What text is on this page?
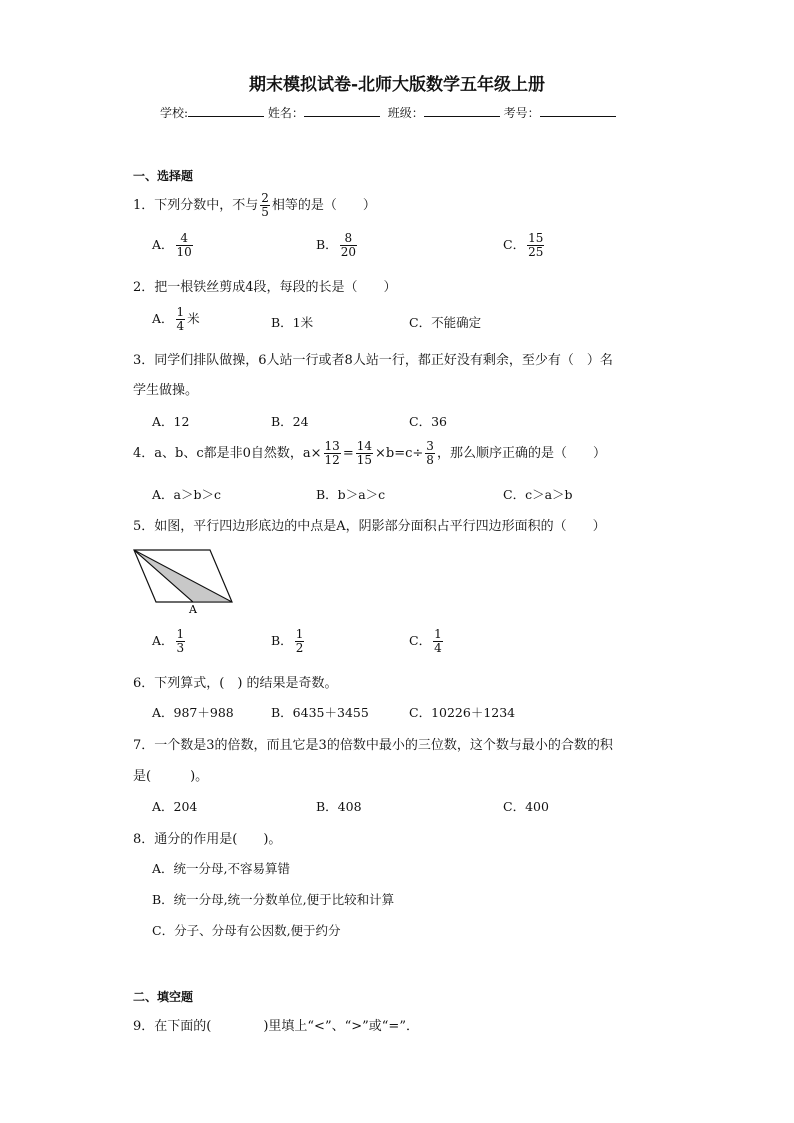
期末模拟试卷-北师大版数学五年级上册
学校:	姓名：	班级：	考号：
一、选择题
1．下列分数中，不与 $\frac{2}{5}$ 相等的是（　　）
A． $\frac{4}{10}$	B． $\frac{8}{20}$	C． $\frac{15}{25}$
2．把一根铁丝剪成4段，每段的长是（　　）
A． $\frac{1}{4}$ 米	B．1米	C．不能确定
3．同学们排队做操，6人站一行或者8人站一行，都正好没有剩余，至少有（　）名
学生做操。
A．12	B．24	C．36
4．a、b、c都是非0自然数，$a\times \frac{13}{12} = \frac{14}{15} \times b=c\div \frac{3}{8}$ ，那么顺序正确的是（　　）
A．a＞b＞c	B．b＞a＞c	C．c＞a＞b
5．如图，平行四边形底边的中点是A，阴影部分面积占平行四边形面积的（　　）
A
A． $\frac{1}{3}$	B． $\frac{1}{2}$	C． $\frac{1}{4}$
6．下列算式，(　) 的结果是奇数。
A．987＋988	B．6435＋3455	C．10226＋1234
7．一个数是3的倍数，而且它是3的倍数中最小的三位数，这个数与最小的合数的积
是(　　　)。
A．204	B．408	C．400
8．通分的作用是(　　)。
A．统一分母,不容易算错
B．统一分母,统一分数单位,便于比较和计算
C．分子、分母有公因数,便于约分
二、填空题
9．在下面的(　　　　)里填上“<”、“>”或“=”．
